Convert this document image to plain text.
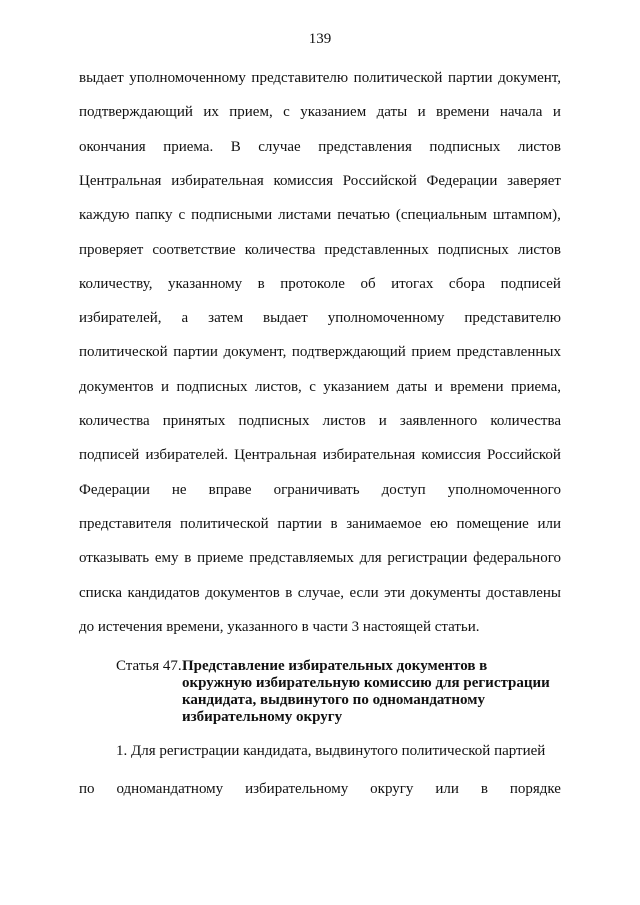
139
выдает уполномоченному представителю политической партии документ,
подтверждающий их прием, с указанием даты и времени начала и
окончания приема. В случае представления подписных листов
Центральная избирательная комиссия Российской Федерации заверяет
каждую папку с подписными листами печатью (специальным штампом),
проверяет соответствие количества представленных подписных листов
количеству, указанному в протоколе об итогах сбора подписей
избирателей, а затем выдает уполномоченному представителю
политической партии документ, подтверждающий прием представленных
документов и подписных листов, с указанием даты и времени приема,
количества принятых подписных листов и заявленного количества
подписей избирателей. Центральная избирательная комиссия Российской
Федерации не вправе ограничивать доступ уполномоченного
представителя политической партии в занимаемое ею помещение или
отказывать ему в приеме представляемых для регистрации федерального
списка кандидатов документов в случае, если эти документы доставлены
до истечения времени, указанного в части 3 настоящей статьи.
Статья 47. Представление избирательных документов в
окружную избирательную комиссию для регистрации
кандидата, выдвинутого по одномандатному
избирательному округу
1. Для регистрации кандидата, выдвинутого политической партией
по одномандатному избирательному округу или в порядке
